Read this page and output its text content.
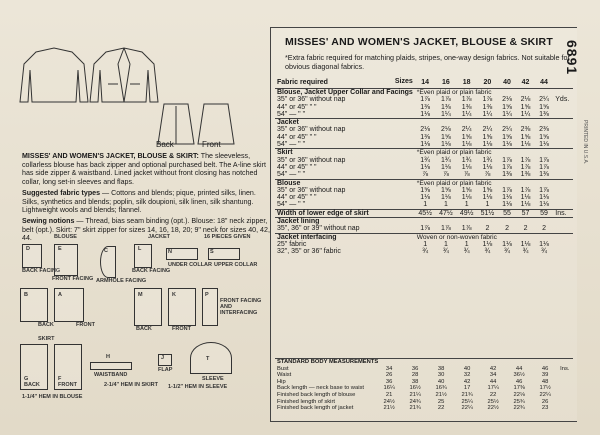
Back	Front

MISSES' AND WOMEN'S JACKET, BLOUSE & SKIRT: The sleeveless, collarless blouse has back zipper and optional purchased belt. The A-line skirt has side zipper & waistband. Lined jacket without front closing has notched collar, long set-in sleeves and flaps.

Suggested fabric types — Cottons and blends; pique, printed silks, linen. Silks, synthetics and blends; poplin, silk doupioni, silk linen, silk shantung. Lightweight wools and blends; flannel.

Sewing notions — Thread, bias seam binding (opt.). Blouse: 18" neck zipper, belt (opt.). Skirt: 7" skirt zipper for sizes 14, 16, 18, 20; 9" neck for sizes 40, 42, 44.	BLOUSE	JACKET	16 PIECES GIVEN
D
BACK FACING
E
FRONT FACING
C
ARMHOLE FACING
B
BACK
A
FRONT
L
BACK FACING
N
UNDER COLLAR
S
UPPER COLLAR
M
BACK
K
FRONT
P
FRONT FACING AND INTERFACING
G
BACK
F
FRONT
SKIRT
H
WAISTBAND
J
FLAP
T
SLEEVE
1-1/4" HEM IN BLOUSE
2-1/4" HEM IN SKIRT 1-1/2" HEM IN SLEEVE
MISSES' AND WOMEN'S JACKET, BLOUSE & SKIRT
*Extra fabric required for matching plaids, stripes, one-way design fabrics. Not suitable for obvious diagonal fabrics.
Fabric required Sizes	14	16	18	20	40	42	44	
Blouse, Jacket Upper Collar and Facings	*Even plaid or plain fabric							
35" or 36" without nap	1⅞	1⅞	1⅞	1⅞	2⅛	2⅛	2¼	Yds.
44" or 45" " "	1⅜	1⅜	1⅜	1⅜	1⅝	1⅝	1⅝	
54" — " "	1⅛	1¼	1¼	1¼	1¼	1¼	1⅜	
Jacket								
35" or 36" without nap	2⅛	2⅛	2¼	2¼	2¼	2⅜	2⅜	
44" or 45" " "	1⅜	1⅝	1⅝	1⅝	1⅝	1⅝	1⅝	
54" — " "	1⅛	1⅛	1⅛	1⅛	1⅛	1⅛	1⅛	
Skirt	*Even plaid or plain fabric							
35" or 36" without nap	1¾	1¾	1¾	1¾	1⅞	1⅞	1⅞	
44" or 45" " "	1⅛	1⅛	1⅛	1⅛	1⅞	1⅞	1⅞	
54" — " "	⅞	⅞	⅞	⅞	1⅜	1⅜	1⅜	
Blouse	*Even plaid or plain fabric							
35" or 36" without nap	1⅝	1⅝	1⅝	1⅝	1⅞	1⅞	1⅞	
44" or 45" " "	1⅛	1⅛	1⅛	1⅛	1⅛	1⅛	1⅛	
54" — " "	1	1	1	1	1⅛	1⅛	1⅛	
Width of lower edge of skirt	45½	47½	49½	51½	55	57	59	Ins.
Jacket lining								
35", 36" or 39" without nap	1⅞	1⅞	1⅞	2	2	2	2	
Jacket interfacing	Woven or non-woven fabric							
25" fabric	1	1	1	1⅛	1⅛	1⅛	1⅛	
32", 35" or 36" fabric	¾	¾	¾	¾	¾	¾	¾	
STANDARD BODY MEASUREMENTS								
Bust	34	36	38	40	42	44	46	Ins.
Waist	26	28	30	32	34	36½	39	
Hip	36	38	40	42	44	46	48	
Back length — neck base to waist	16¼	16½	16¾	17	17¼	17⅜	17½	
Finished back length of blouse	21	21¼	21½	21¾	22	22⅛	22¼	
Finished length of skirt	24½	24¾	25	25¼	25½	25¾	26	
Finished back length of jacket	21½	21¾	22	22¼	22½	22¾	23	
6891
PRINTED IN U.S.A.
